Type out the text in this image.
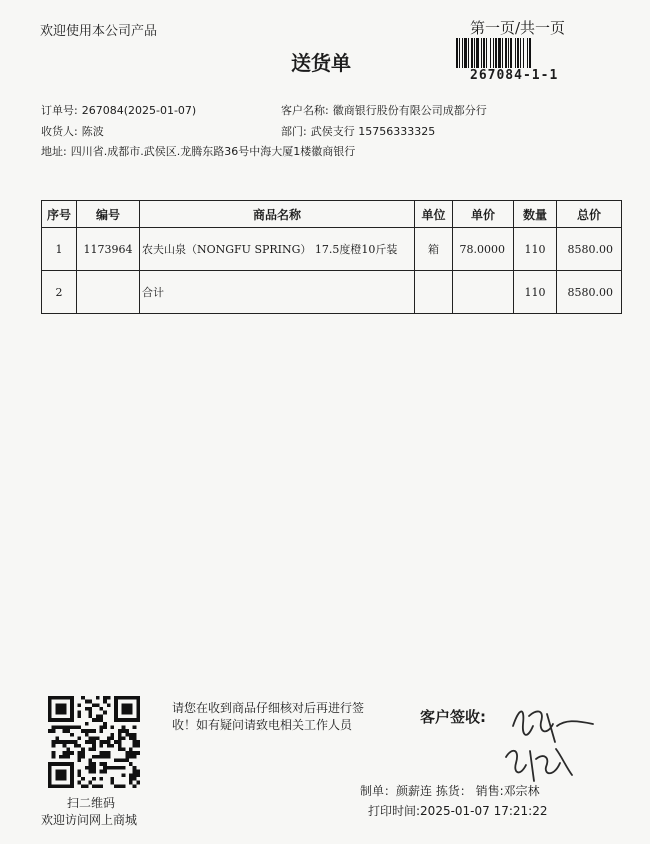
欢迎使用本公司产品	第一页/共一页
267084-1-1
送货单
订单号: 267084(2025-01-07)	客户名称: 徽商银行股份有限公司成都分行
收货人: 陈波	部门: 武侯支行 15756333325
地址: 四川省.成都市.武侯区.龙腾东路36号中海大厦1楼徽商银行
序号	编号	商品名称	单位	单价	数量	总价
1	1173964	农夫山泉（NONGFU SPRING） 17.5度橙10斤装	箱	78.0000	110	8580.00
2		合计			110	8580.00
扫二维码
欢迎访问网上商城
请您在收到商品仔细核对后再进行签收！如有疑问请致电相关工作人员	客户签收:
制单：颜薪连 拣货： 销售:邓宗林
打印时间:2025-01-07 17:21:22
